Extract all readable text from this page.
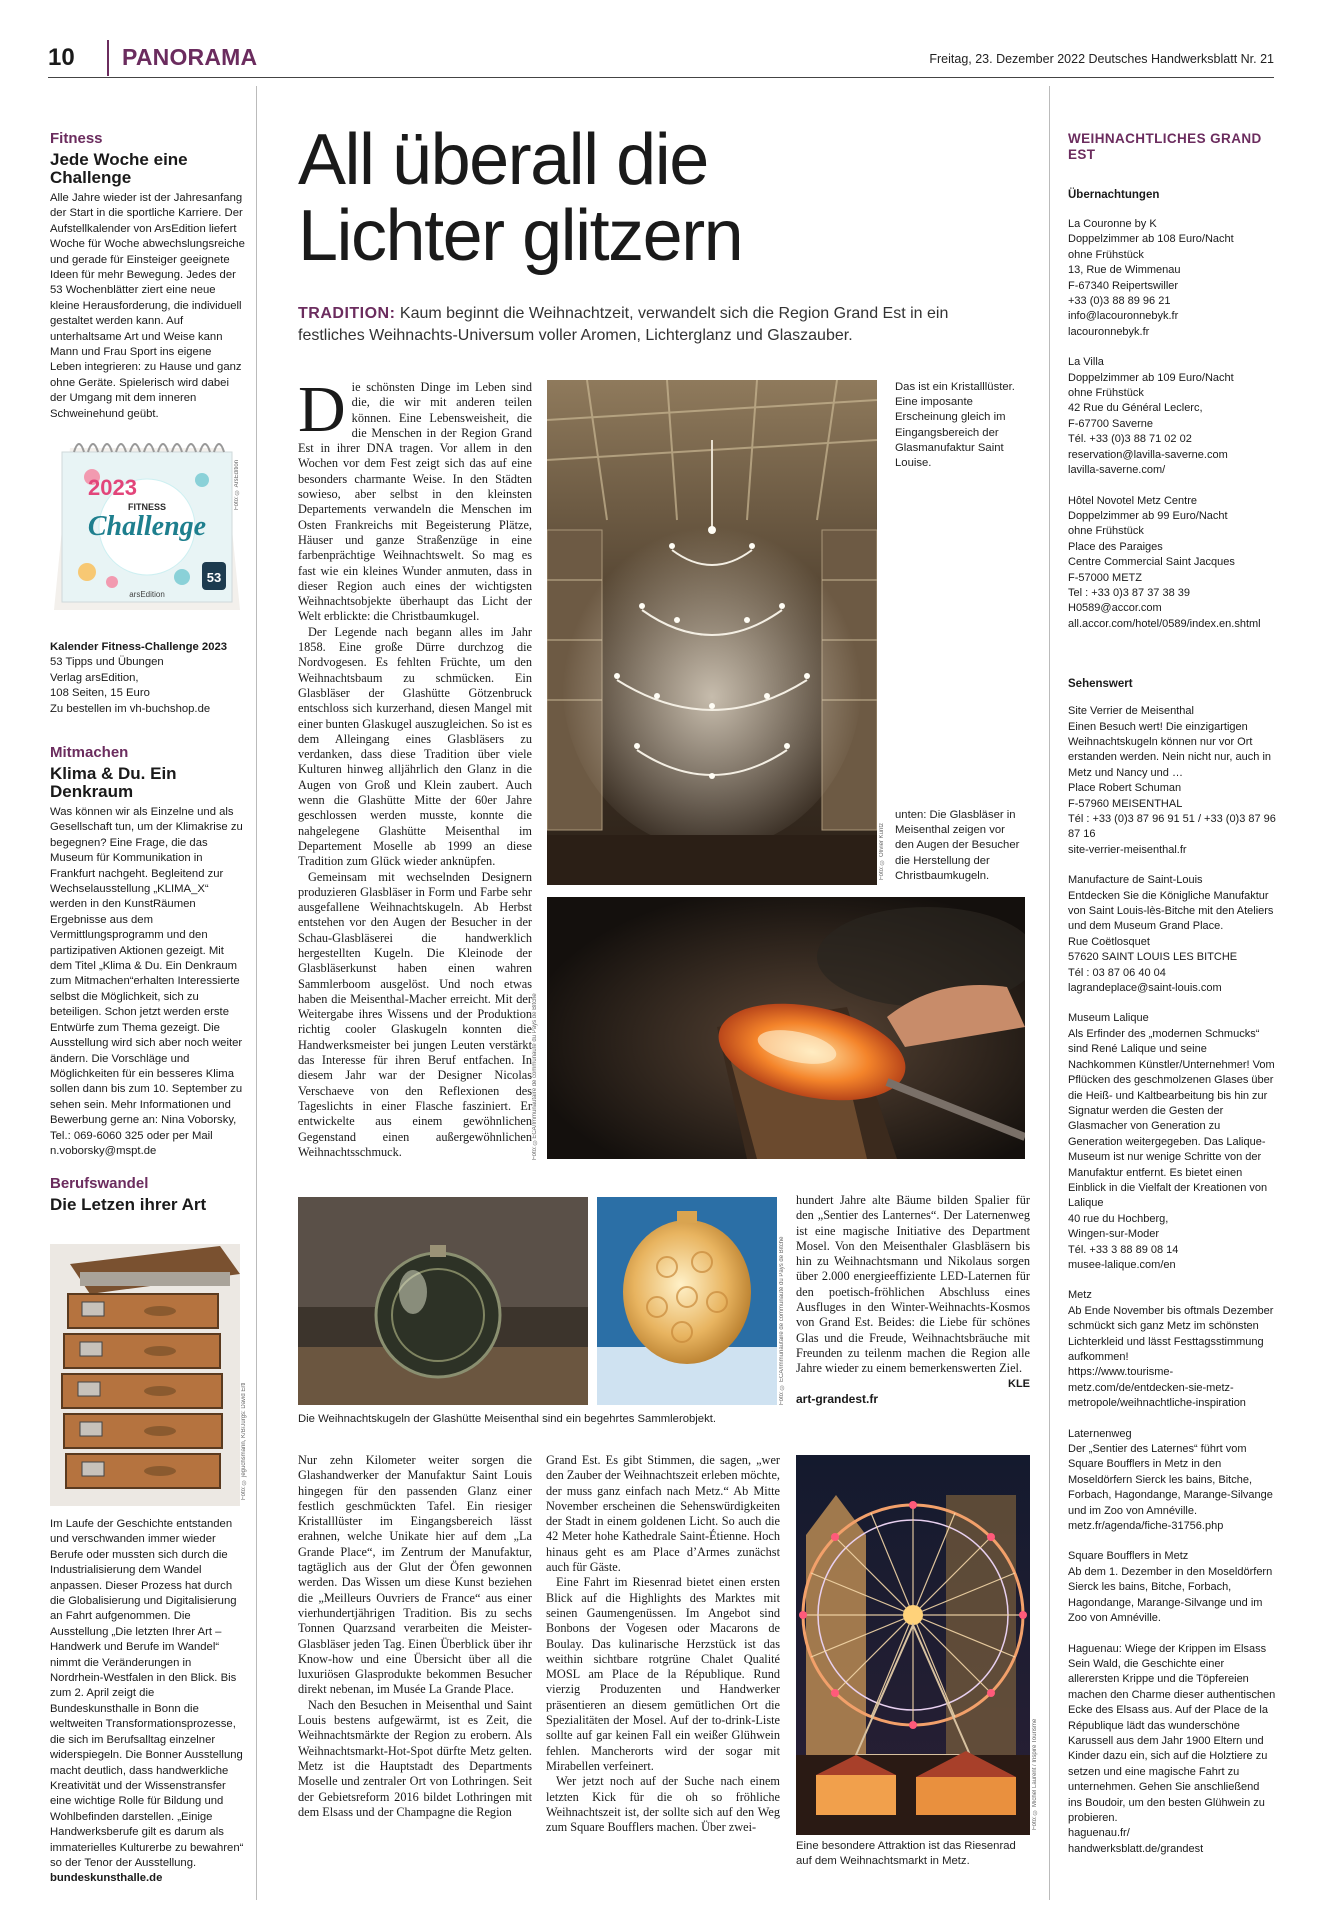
10 PANORAMA	Freitag, 23. Dezember 2022 Deutsches Handwerksblatt Nr. 21
Fitness
Jede Woche eine Challenge

Alle Jahre wieder ist der Jahresanfang der Start in die sportliche Karriere. Der Aufstellkalender von ArsEdition liefert Woche für Woche abwechslungsreiche und gerade für Einsteiger geeignete Ideen für mehr Bewegung. Jedes der 53 Wochenblätter ziert eine neue kleine Herausforderung, die individuell gestaltet werden kann. Auf unterhaltsame Art und Weise kann Mann und Frau Sport ins eigene Leben integrieren: zu Hause und ganz ohne Geräte. Spielerisch wird dabei der Umgang mit dem inneren Schweinehund geübt.

2023
FITNESS
Challenge
53
arsEdition
Foto: © ArsEdition

Kalender Fitness-Challenge 2023

53 Tipps und Übungen
Verlag arsEdition,
108 Seiten, 15 Euro
Zu bestellen im vh-buchshop.de

Mitmachen
Klima & Du. Ein Denkraum

Was können wir als Einzelne und als Gesellschaft tun, um der Klimakrise zu begegnen? Eine Frage, die das Museum für Kommunikation in Frankfurt nachgeht. Begleitend zur Wechselausstellung „KLIMA_X“ werden in den KunstRäumen Ergebnisse aus dem Vermittlungsprogramm und den partizipativen Aktionen gezeigt. Mit dem Titel „Klima & Du. Ein Denkraum zum Mitmachen“erhalten Interessierte selbst die Möglichkeit, sich zu beteiligen. Schon jetzt werden erste Entwürfe zum Thema gezeigt. Die Ausstellung wird sich aber noch weiter ändern. Die Vorschläge und Möglichkeiten für ein besseres Klima sollen dann bis zum 10. September zu sehen sein. Mehr Informationen und Bewerbung gerne an: Nina Voborsky, Tel.: 069-6060 325 oder per Mail n.voborsky@mspt.de

Berufswandel
Die Letzen ihrer Art
Foto: © jeguchsmann, K/B/Jürgs: David Ertl

Im Laufe der Geschichte entstanden und verschwanden immer wieder Berufe oder mussten sich durch die Industrialisierung dem Wandel anpassen. Dieser Prozess hat durch die Globalisierung und Digitalisierung an Fahrt aufgenommen. Die Ausstellung „Die letzten Ihrer Art – Handwerk und Berufe im Wandel“ nimmt die Veränderungen in Nordrhein-Westfalen in den Blick. Bis zum 2. April zeigt die Bundeskunsthalle in Bonn die weltweiten Transformationsprozesse, die sich im Berufsalltag einzelner widerspiegeln. Die Bonner Ausstellung macht deutlich, dass handwerkliche Kreativität und der Wissenstransfer eine wichtige Rolle für Bildung und Wohlbefinden darstellen. „Einige Handwerksberufe gilt es darum als immaterielles Kulturerbe zu bewahren“ so der Tenor der Ausstellung.

bundeskunsthalle.de

All überall die Lichter glitzern

TRADITION: Kaum beginnt die Weihnachtzeit, verwandelt sich die Region Grand Est in ein festliches Weihnachts-Universum voller Aromen, Lichterglanz und Glaszauber.

D ie schönsten Dinge im Leben sind die, die wir mit anderen teilen können. Eine Lebensweisheit, die die Menschen in der Region Grand Est in ihrer DNA tragen. Vor allem in den Wochen vor dem Fest zeigt sich das auf eine besonders charmante Weise. In den Städten sowieso, aber selbst in den kleinsten Departements verwandeln die Menschen im Osten Frankreichs mit Begeisterung Plätze, Häuser und ganze Straßenzüge in eine farbenprächtige Weihnachtswelt. So mag es fast wie ein kleines Wunder anmuten, dass in dieser Region auch eines der wichtigsten Weihnachtsobjekte überhaupt das Licht der Welt erblickte: die Christbaumkugel.

Der Legende nach begann alles im Jahr 1858. Eine große Dürre durchzog die Nordvogesen. Es fehlten Früchte, um den Weihnachtsbaum zu schmücken. Ein Glasbläser der Glashütte Götzenbruck entschloss sich kurzerhand, diesen Mangel mit einer bunten Glaskugel auszugleichen. So ist es dem Alleingang eines Glasbläsers zu verdanken, dass diese Tradition über viele Kulturen hinweg alljährlich den Glanz in die Augen von Groß und Klein zaubert. Auch wenn die Glashütte Mitte der 60er Jahre geschlossen werden musste, konnte die nahgelegene Glashütte Meisenthal im Departement Moselle ab 1999 an diese Tradition zum Glück wieder anknüpfen.

Gemeinsam mit wechselnden Designern produzieren Glasbläser in Form und Farbe sehr ausgefallene Weihnachtskugeln. Ab Herbst entstehen vor den Augen der Besucher in der Schau-Glasbläserei die handwerklich hergestellten Kugeln. Die Kleinode der Glasbläserkunst haben einen wahren Sammlerboom ausgelöst. Und noch etwas haben die Meisenthal-Macher erreicht. Mit der Weitergabe ihres Wissens und der Produktion richtig cooler Glaskugeln konnten die Handwerksmeister bei jungen Leuten verstärkt das Interesse für ihren Beruf entfachen. In diesem Jahr war der Designer Nicolas Verschaeve von den Reflexionen des Tageslichts in einer Flasche fasziniert. Er entwickelte aus einem gewöhnlichen Gegenstand einen außergewöhnlichen Weihnachtsschmuck.

Foto: © Olivier Kuntz

Das ist ein Kristalllüster. Eine imposante Erscheinung gleich im Eingangsbereich der Glasmanufaktur Saint Louise.

unten: Die Glasbläser in Meisenthal zeigen vor den Augen der Besucher die Herstellung der Christbaumkugeln.

Foto: ©ECA/Immunautaire de communauté du Pays de Bitche
Foto: © ECA/Immunautaire de communauté du Pays de Bitche

Die Weihnachtskugeln der Glashütte Meisenthal sind ein begehrtes Sammlerobjekt.

hundert Jahre alte Bäume bilden Spalier für den „Sentier des Lanternes“. Der Laternenweg ist eine magische Initiative des Department Mosel. Von den Meisenthaler Glasbläsern bis hin zu Weihnachtsmann und Nikolaus sorgen über 2.000 energieeffiziente LED-Laternen für den poetisch-fröhlichen Abschluss eines Ausfluges in den Winter-Weihnachts-Kosmos von Grand Est. Beides: die Liebe für schönes Glas und die Freude, Weihnachtsbräuche mit Freunden zu teilenm machen die Region alle Jahre wieder zu einem bemerkenswerten Ziel.

KLE
art-grandest.fr

Nur zehn Kilometer weiter sorgen die Glashandwerker der Manufaktur Saint Louis hingegen für den passenden Glanz einer festlich geschmückten Tafel. Ein riesiger Kristalllüster im Eingangsbereich lässt erahnen, welche Unikate hier auf dem „La Grande Place“, im Zentrum der Manufaktur, tagtäglich aus der Glut der Öfen gewonnen werden. Das Wissen um diese Kunst beziehen die „Meilleurs Ouvriers de France“ aus einer vierhundertjährigen Tradition. Bis zu sechs Tonnen Quarzsand verarbeiten die Meister-Glasbläser jeden Tag. Einen Überblick über ihr Know-how und eine Übersicht über all die luxuriösen Glasprodukte bekommen Besucher direkt nebenan, im Musée La Grande Place.

Nach den Besuchen in Meisenthal und Saint Louis bestens aufgewärmt, ist es Zeit, die Weihnachtsmärkte der Region zu erobern. Als Weihnachtsmarkt-Hot-Spot dürfte Metz gelten. Metz ist die Hauptstadt des Departments Moselle und zentraler Ort von Lothringen. Seit der Gebietsreform 2016 bildet Lothringen mit dem Elsass und der Champagne die Region

Grand Est. Es gibt Stimmen, die sagen, „wer den Zauber der Weihnachtszeit erleben möchte, der muss ganz einfach nach Metz.“ Ab Mitte November erscheinen die Sehenswürdigkeiten der Stadt in einem goldenen Licht. So auch die 42 Meter hohe Kathedrale Saint-Étienne. Hoch hinaus geht es am Place d’Armes zunächst auch für Gäste.

Eine Fahrt im Riesenrad bietet einen ersten Blick auf die Highlights des Marktes mit seinen Gaumengenüssen. Im Angebot sind Bonbons der Vogesen oder Macarons de Boulay. Das kulinarische Herzstück ist das weithin sichtbare rotgrüne Chalet Qualité MOSL am Place de la République. Rund vierzig Produzenten und Handwerker präsentieren an diesem gemütlichen Ort die Spezialitäten der Mosel. Auf der to-drink-Liste sollte auf gar keinen Fall ein weißer Glühwein fehlen. Mancherorts wird der sogar mit Mirabellen verfeinert.

Wer jetzt noch auf der Suche nach einem letzten Kick für die oh so fröhliche Weihnachtszeit ist, der sollte sich auf den Weg zum Square Boufflers machen. Über zwei-	Foto: © Michel Laurent / Inspire Tourisme

Eine besondere Attraktion ist das Riesenrad auf dem Weihnachtsmarkt in Metz.

WEIHNACHTLICHES GRAND EST

Übernachtungen

La Couronne by K
Doppelzimmer ab 108 Euro/Nacht
ohne Frühstück
13, Rue de Wimmenau
F-67340 Reipertswiller
+33 (0)3 88 89 96 21
info@lacouronnebyk.fr
lacouronnebyk.fr

La Villa
Doppelzimmer ab 109 Euro/Nacht
ohne Frühstück
42 Rue du Général Leclerc,
F-67700 Saverne
Tél. +33 (0)3 88 71 02 02
reservation@lavilla-saverne.com
lavilla-saverne.com/

Hôtel Novotel Metz Centre
Doppelzimmer ab 99 Euro/Nacht
ohne Frühstück
Place des Paraiges
Centre Commercial Saint Jacques
F-57000 METZ
Tel : +33 0)3 87 37 38 39
H0589@accor.com
all.accor.com/hotel/0589/index.en.shtml

Sehenswert

Site Verrier de Meisenthal
Einen Besuch wert! Die einzigartigen Weihnachtskugeln können nur vor Ort erstanden werden. Nein nicht nur, auch in Metz und Nancy und …
Place Robert Schuman
F-57960 MEISENTHAL
Tél : +33 (0)3 87 96 91 51 / +33 (0)3 87 96 87 16
site-verrier-meisenthal.fr

Manufacture de Saint-Louis
Entdecken Sie die Königliche Manufaktur von Saint Louis-lès-Bitche mit den Ateliers und dem Museum Grand Place.
Rue Coëtlosquet
57620 SAINT LOUIS LES BITCHE
Tél : 03 87 06 40 04
lagrandeplace@saint-louis.com

Museum Lalique
Als Erfinder des „modernen Schmucks“ sind René Lalique und seine Nachkommen Künstler/Unternehmer! Vom Pflücken des geschmolzenen Glases über die Heiß- und Kaltbearbeitung bis hin zur Signatur werden die Gesten der Glasmacher von Generation zu Generation weitergegeben. Das Lalique-Museum ist nur wenige Schritte von der Manufaktur entfernt. Es bietet einen Einblick in die Vielfalt der Kreationen von Lalique
40 rue du Hochberg,
Wingen-sur-Moder
Tél. +33 3 88 89 08 14
musee-lalique.com/en

Metz
Ab Ende November bis oftmals Dezember schmückt sich ganz Metz im schönsten Lichterkleid und lässt Festtagsstimmung aufkommen!
https://www.tourisme-metz.com/de/entdecken-sie-metz-metropole/weihnachtliche-inspiration

Laternenweg
Der „Sentier des Laternes“ führt vom Square Boufflers in Metz in den Moseldörfern Sierck les bains, Bitche, Forbach, Hagondange, Marange-Silvange und im Zoo von Amnéville.
metz.fr/agenda/fiche-31756.php

Square Boufflers in Metz
Ab dem 1. Dezember in den Moseldörfern Sierck les bains, Bitche, Forbach, Hagondange, Marange-Silvange und im Zoo von Amnéville.

Haguenau: Wiege der Krippen im Elsass
Sein Wald, die Geschichte einer allerersten Krippe und die Töpfereien machen den Charme dieser authentischen Ecke des Elsass aus. Auf der Place de la République lädt das wunderschöne Karussell aus dem Jahr 1900 Eltern und Kinder dazu ein, sich auf die Holztiere zu setzen und eine magische Fahrt zu unternehmen. Gehen Sie anschließend ins Boudoir, um den besten Glühwein zu probieren.
haguenau.fr/
handwerksblatt.de/grandest
